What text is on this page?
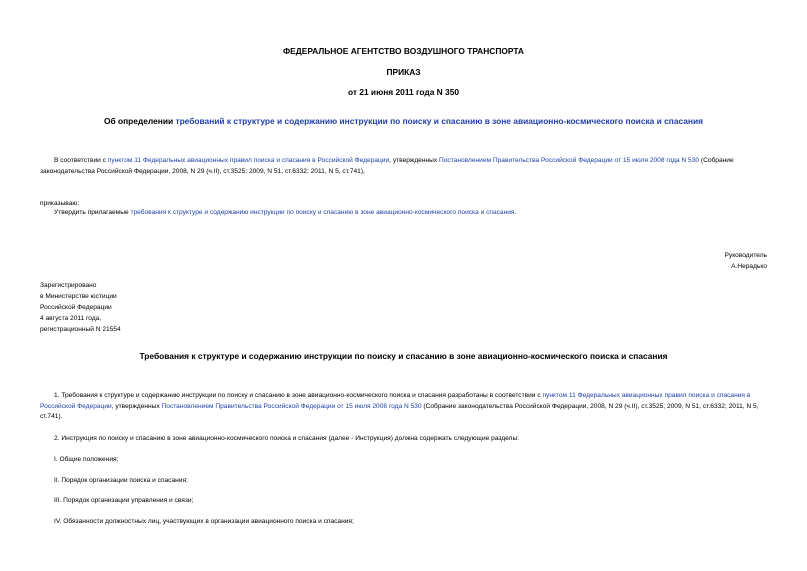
ФЕДЕРАЛЬНОЕ АГЕНТСТВО ВОЗДУШНОГО ТРАНСПОРТА
ПРИКАЗ
от 21 июня 2011 года N 350
Об определении требований к структуре и содержанию инструкции по поиску и спасанию в зоне авиационно-космического поиска и спасания
В соответствии с пунктом 11 Федеральных авиационных правил поиска и спасания в Российской Федерации, утвержденных Постановлением Правительства Российской Федерации от 15 июля 2008 года N 530 (Собрание законодательства Российской Федерации, 2008, N 29 (ч.II), ст.3525; 2009, N 51, ст.6332; 2011, N 5, ст.741),
приказываю:
Утвердить прилагаемые требования к структуре и содержанию инструкции по поиску и спасанию в зоне авиационно-космического поиска и спасания.
Руководитель
А.Нерадько
Зарегистрировано
в Министерстве юстиции
Российской Федерации
4 августа 2011 года,
регистрационный N 21554
Требования к структуре и содержанию инструкции по поиску и спасанию в зоне авиационно-космического поиска и спасания
1. Требования к структуре и содержанию инструкции по поиску и спасанию в зоне авиационно-космического поиска и спасания разработаны в соответствии с пунктом 11 Федеральных авиационных правил поиска и спасания в Российской Федерации, утвержденных Постановлением Правительства Российской Федерации от 15 июля 2008 года N 530 (Собрание законодательства Российской Федерации, 2008, N 29 (ч.II), ст.3525; 2009, N 51, ст.6332; 2011, N 5, ст.741).
2. Инструкция по поиску и спасанию в зоне авиационно-космического поиска и спасания (далее - Инструкция) должна содержать следующие разделы:
I. Общие положения;
II. Порядок организации поиска и спасания;
III. Порядок организации управления и связи;
IV. Обязанности должностных лиц, участвующих в организации авиационного поиска и спасания;
